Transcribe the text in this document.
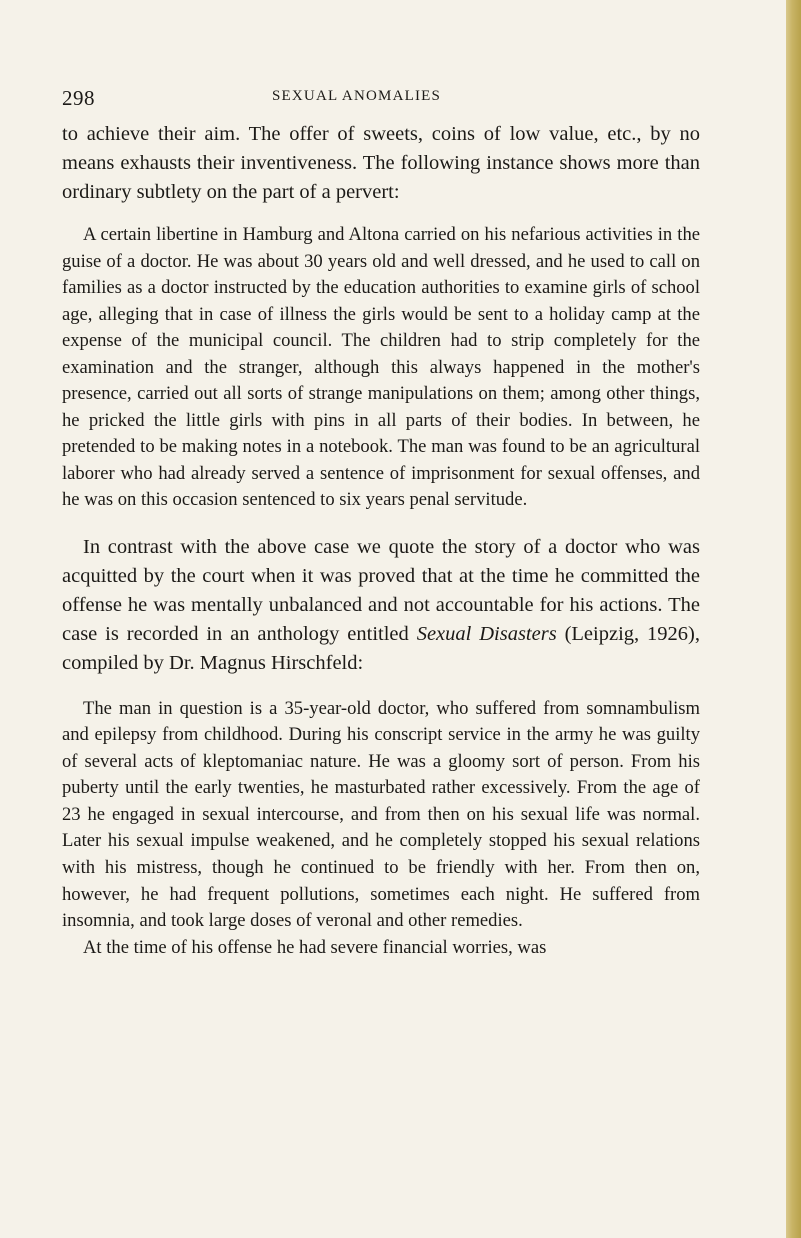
298	SEXUAL ANOMALIES

to achieve their aim. The offer of sweets, coins of low value, etc., by no means exhausts their inventiveness. The following instance shows more than ordinary subtlety on the part of a pervert:

A certain libertine in Hamburg and Altona carried on his nefarious activities in the guise of a doctor. He was about 30 years old and well dressed, and he used to call on families as a doctor instructed by the education authorities to examine girls of school age, alleging that in case of illness the girls would be sent to a holiday camp at the expense of the municipal council. The children had to strip completely for the examination and the stranger, although this always happened in the mother's presence, carried out all sorts of strange manipulations on them; among other things, he pricked the little girls with pins in all parts of their bodies. In between, he pretended to be making notes in a notebook. The man was found to be an agricultural laborer who had already served a sentence of imprisonment for sexual offenses, and he was on this occasion sentenced to six years penal servitude.

In contrast with the above case we quote the story of a doctor who was acquitted by the court when it was proved that at the time he committed the offense he was mentally unbalanced and not accountable for his actions. The case is recorded in an anthology entitled Sexual Disasters (Leipzig, 1926), compiled by Dr. Magnus Hirschfeld:

The man in question is a 35-year-old doctor, who suffered from somnambulism and epilepsy from childhood. During his conscript service in the army he was guilty of several acts of kleptomaniac nature. He was a gloomy sort of person. From his puberty until the early twenties, he masturbated rather excessively. From the age of 23 he engaged in sexual intercourse, and from then on his sexual life was normal. Later his sexual impulse weakened, and he completely stopped his sexual relations with his mistress, though he continued to be friendly with her. From then on, however, he had frequent pollutions, sometimes each night. He suffered from insomnia, and took large doses of veronal and other remedies.

At the time of his offense he had severe financial worries, was
